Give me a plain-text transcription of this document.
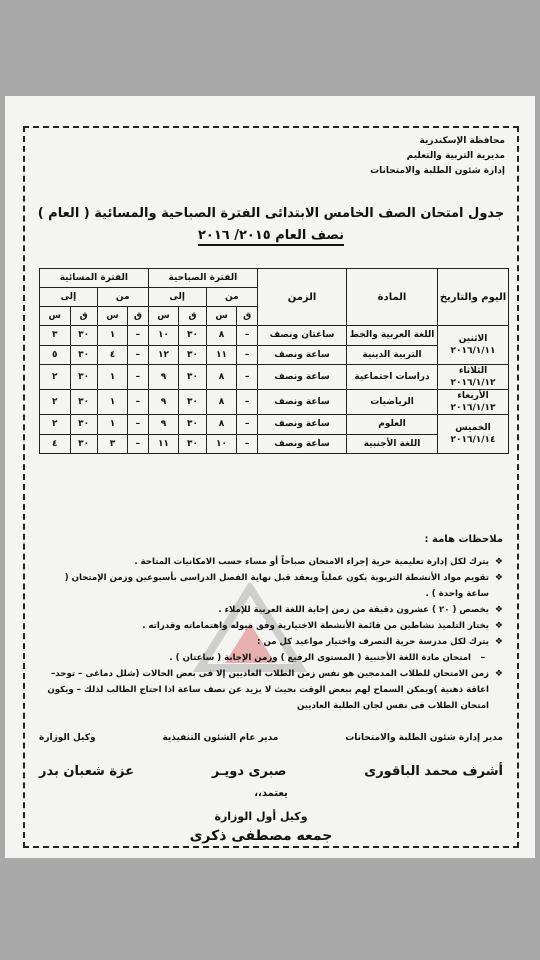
محافظة الإسكندرية
مديرية التربية والتعليم
إدارة شئون الطلبة والامتحانات
جدول امتحان الصف الخامس الابتدائى الفترة الصباحية والمسائية ( العام )
نصف العام ٢٠١٥/ ٢٠١٦
اليوم والتاريخ	المادة	الزمن	الفترة الصباحية				الفترة المسائية			
			من		إلى		من		إلى	
			ق	س	ق	س	ق	س	ق	س

الاثنين
٢٠١٦/١/١١	اللغة العربية والخط	ساعتان ونصف	–	٨	٣٠	١٠	–	١	٣٠	٣
	التربية الدينية	ساعة ونصف	–	١١	٣٠	١٢	–	٤	٣٠	٥

الثلاثاء
٢٠١٦/١/١٢	دراسات اجتماعية	ساعة ونصف	–	٨	٣٠	٩	–	١	٣٠	٢

الأربعاء
٢٠١٦/١/١٣	الرياضيات	ساعة ونصف	–	٨	٣٠	٩	–	١	٣٠	٢

الخميس
٢٠١٦/١/١٤	العلوم	ساعة ونصف	–	٨	٣٠	٩	–	١	٣٠	٢
	اللغة الأجنبية	ساعة ونصف	–	١٠	٣٠	١١	–	٣	٣٠	٤
ملاحظات هامة :
❖
يترك لكل إدارة تعليمية حرية إجراء الامتحان صباحاً أو مساء حسب الامكانيات المتاحة .
❖
تقويم مواد الأنشطة التربوية يكون عملياً ويعقد قبل نهاية الفصل الدراسى بأسبوعين وزمن الإمتحان ( ساعة واحدة ) .
❖
يخصص ( ٢٠ ) عشرون دقيقة من زمن إجابة اللغة العربية للإملاء .
❖
يختار التلميذ نشاطين من قائمة الأنشطة الاختيارية وفق ميوله واهتماماته وقدراته .
❖
يترك لكل مدرسة حرية التصرف واختيار مواعيد كل من :
–
امتحان مادة اللغة الأجنبية ( المستوى الرفيع ) وزمن الإجابة ( ساعتان ) .
❖
زمن الامتحان للطلاب المدمجين هو نفس زمن الطلاب العاديين إلا فى بعض الحالات (شلل دماغى – توحد– اعاقة ذهنية )ويمكن السماح لهم ببعض الوقت بحيث لا يزيد عن نصف ساعة اذا احتاج الطالب لذلك – ويكون امتحان الطلاب فى نفس لجان الطلبة العاديين
مدير إدارة شئون الطلبة والامتحانات
مدير عام الشئون التنفيذية
وكيل الوزارة
أشرف محمد الباقورى
صبرى دويـر
عزة شعبان بدر
يعتمد،،
وكيل أول الوزارة
جمعه مصطفى ذكرى
